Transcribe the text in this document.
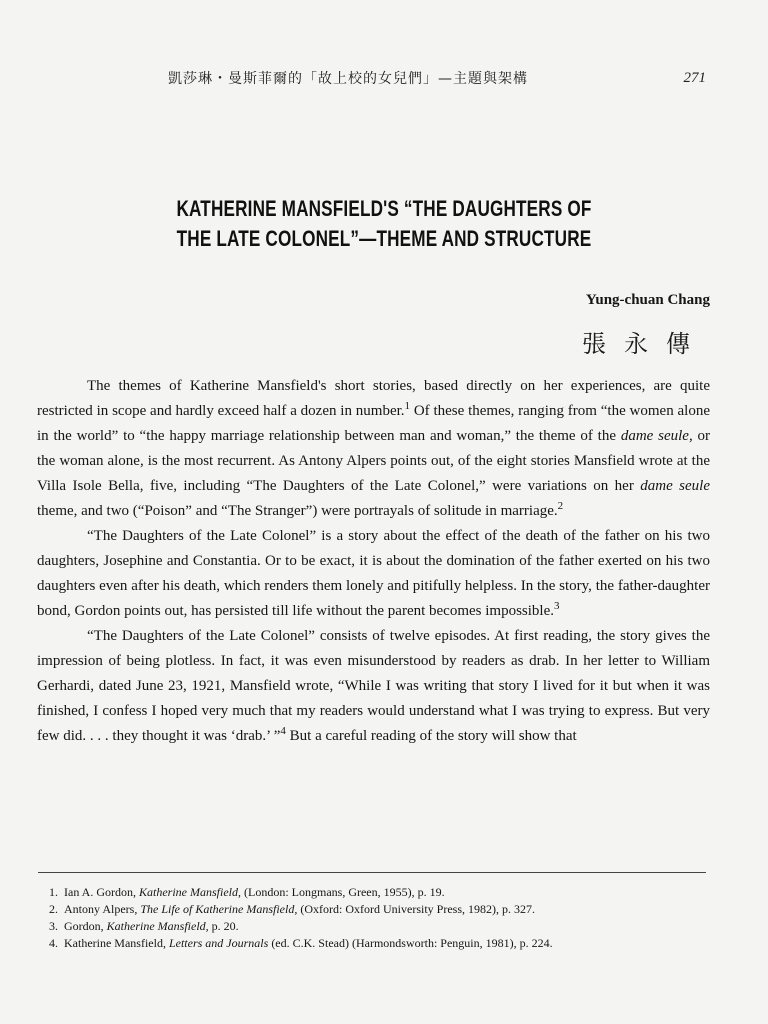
凱莎琳・曼斯菲爾的「故上校的女兒們」—主題與架構	271
KATHERINE MANSFIELD'S “THE DAUGHTERS OF
THE LATE COLONEL”—THEME AND STRUCTURE
Yung-chuan Chang
張永傳

The themes of Katherine Mansfield's short stories, based directly on her experiences, are quite restricted in scope and hardly exceed half a dozen in number.$^1$ Of these themes, ranging from “the women alone in the world” to “the happy marriage relationship between man and woman,” the theme of the dame seule, or the woman alone, is the most recurrent. As Antony Alpers points out, of the eight stories Mansfield wrote at the Villa Isole Bella, five, including “The Daughters of the Late Colonel,” were variations on her dame seule theme, and two (“Poison” and “The Stranger”) were portrayals of solitude in marriage.$^2$

“The Daughters of the Late Colonel” is a story about the effect of the death of the father on his two daughters, Josephine and Constantia. Or to be exact, it is about the domination of the father exerted on his two daughters even after his death, which renders them lonely and pitifully helpless. In the story, the father-daughter bond, Gordon points out, has persisted till life without the parent becomes impossible.$^3$

“The Daughters of the Late Colonel” consists of twelve episodes. At first reading, the story gives the impression of being plotless. In fact, it was even misunderstood by readers as drab. In her letter to William Gerhardi, dated June 23, 1921, Mansfield wrote, “While I was writing that story I lived for it but when it was finished, I confess I hoped very much that my readers would understand what I was trying to express. But very few did. . . . they thought it was ‘drab.’ ”$^4$ But a careful reading of the story will show that

1. Ian A. Gordon, Katherine Mansfield, (London: Longmans, Green, 1955), p. 19.
2. Antony Alpers, The Life of Katherine Mansfield, (Oxford: Oxford University Press, 1982), p. 327.
3. Gordon, Katherine Mansfield, p. 20.
4. Katherine Mansfield, Letters and Journals (ed. C.K. Stead) (Harmondsworth: Penguin, 1981), p. 224.
